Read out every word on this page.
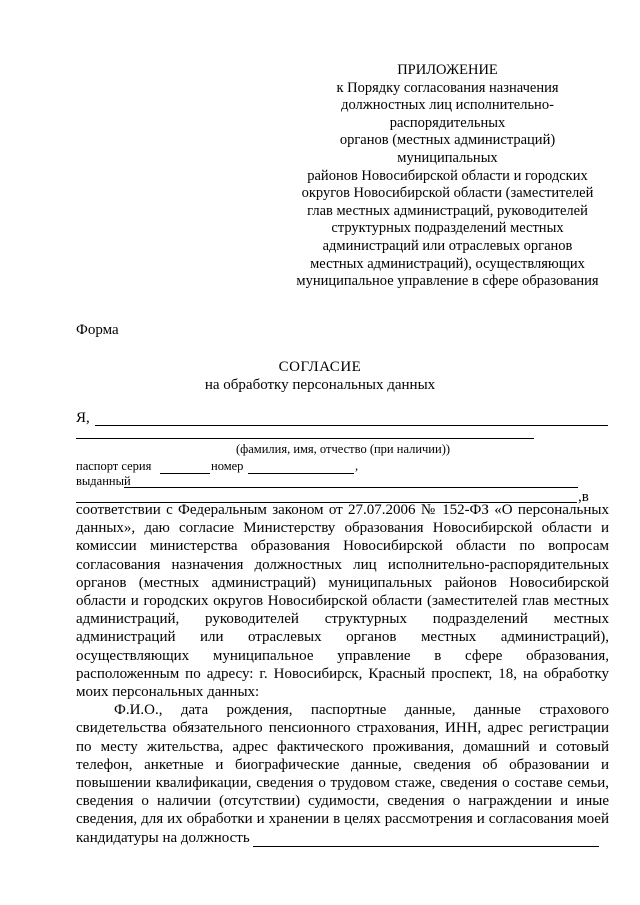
ПРИЛОЖЕНИЕ
к Порядку согласования назначения
должностных лиц исполнительно-
распорядительных
органов (местных администраций)
муниципальных
районов Новосибирской области и городских
округов Новосибирской области (заместителей
глав местных администраций, руководителей
структурных подразделений местных
администраций или отраслевых органов
местных администраций), осуществляющих
муниципальное управление в сфере образования
Форма
СОГЛАСИЕ
на обработку персональных данных
Я,
(фамилия, имя, отчество (при наличии))
паспорт серия	номер	,
выданный
,в
соответствии с Федеральным законом от 27.07.2006 № 152-ФЗ «О персональных
данных», даю согласие Министерству образования Новосибирской области и
комиссии министерства образования Новосибирской области по вопросам
согласования назначения должностных лиц исполнительно-распорядительных
органов (местных администраций) муниципальных районов Новосибирской
области и городских округов Новосибирской области (заместителей глав местных
администраций, руководителей структурных подразделений местных
администраций или отраслевых органов местных администраций),
осуществляющих муниципальное управление в сфере образования,
расположенным по адресу: г. Новосибирск, Красный проспект, 18, на обработку
моих персональных данных:
Ф.И.О., дата рождения, паспортные данные, данные страхового
свидетельства обязательного пенсионного страхования, ИНН, адрес регистрации
по месту жительства, адрес фактического проживания, домашний и сотовый
телефон, анкетные и биографические данные, сведения об образовании и
повышении квалификации, сведения о трудовом стаже, сведения о составе семьи,
сведения о наличии (отсутствии) судимости, сведения о награждении и иные
сведения, для их обработки и хранении в целях рассмотрения и согласования моей
кандидатуры на должность
